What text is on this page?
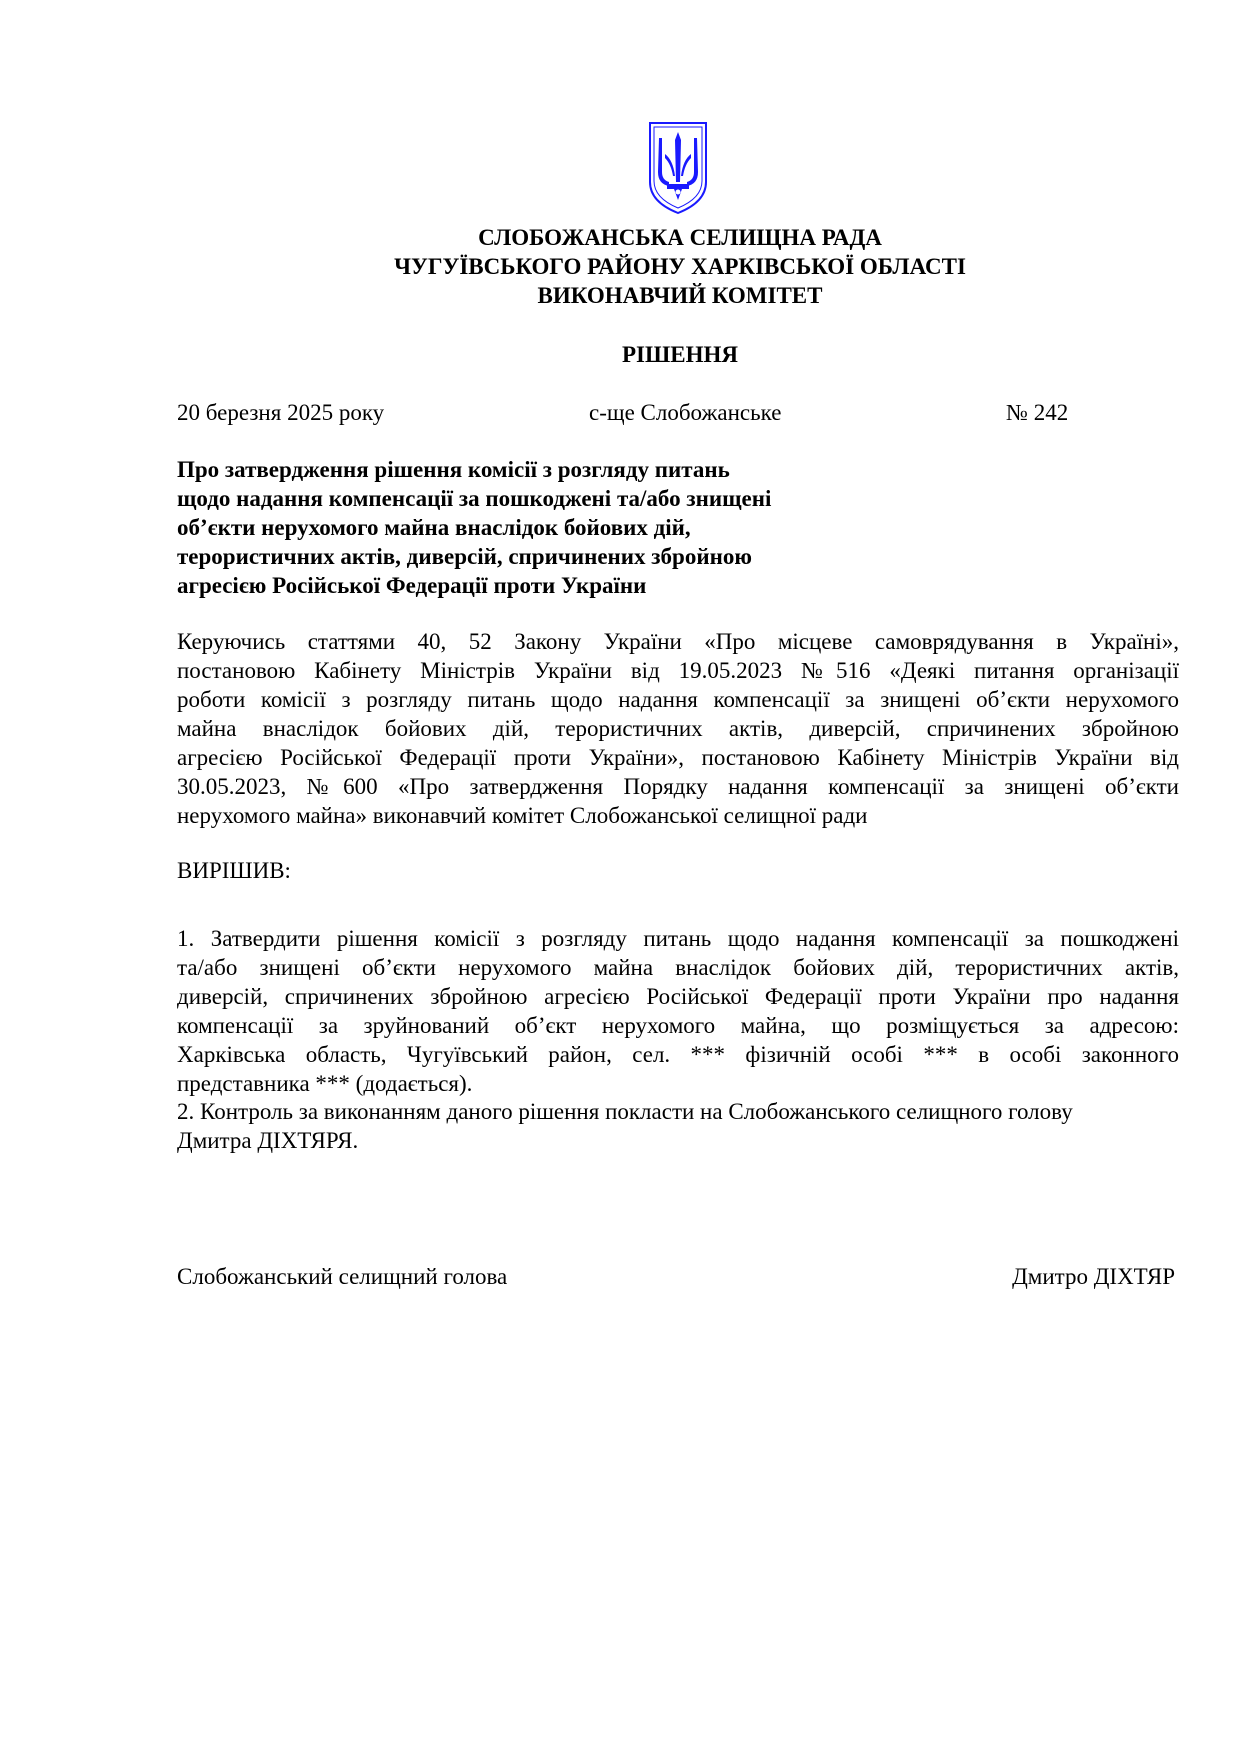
СЛОБОЖАНСЬКА СЕЛИЩНА РАДА
ЧУГУЇВСЬКОГО РАЙОНУ ХАРКІВСЬКОЇ ОБЛАСТІ
ВИКОНАВЧИЙ КОМІТЕТ
РІШЕННЯ
20 березня 2025 року	с-ще Слобожанське	№ 242
Про затвердження рішення комісії з розгляду питань
щодо надання компенсації за пошкоджені та/або знищені
об’єкти нерухомого майна внаслідок бойових дій,
терористичних актів, диверсій, спричинених збройною
агресією Російської Федерації проти України
Керуючись статтями 40, 52 Закону України «Про місцеве самоврядування в Україні»,
постановою Кабінету Міністрів України від 19.05.2023 №516 «Деякі питання організації
роботи комісії з розгляду питань щодо надання компенсації за знищені об’єкти нерухомого
майна внаслідок бойових дій, терористичних актів, диверсій, спричинених збройною
агресією Російської Федерації проти України», постановою Кабінету Міністрів України від
30.05.2023, №600 «Про затвердження Порядку надання компенсації за знищені об’єкти
нерухомого майна» виконавчий комітет Слобожанської селищної ради
ВИРІШИВ:
1. Затвердити рішення комісії з розгляду питань щодо надання компенсації за пошкоджені
та/або знищені об’єкти нерухомого майна внаслідок бойових дій, терористичних актів,
диверсій, спричинених збройною агресією Російської Федерації проти України про надання
компенсації за зруйнований об’єкт нерухомого майна, що розміщується за адресою:
Харківська область, Чугуївський район, сел. *** фізичній особі *** в особі законного
представника *** (додається).
2. Контроль за виконанням даного рішення покласти на Слобожанського селищного голову
Дмитра ДІХТЯРЯ.
Слобожанський селищний голова	Дмитро ДІХТЯР
